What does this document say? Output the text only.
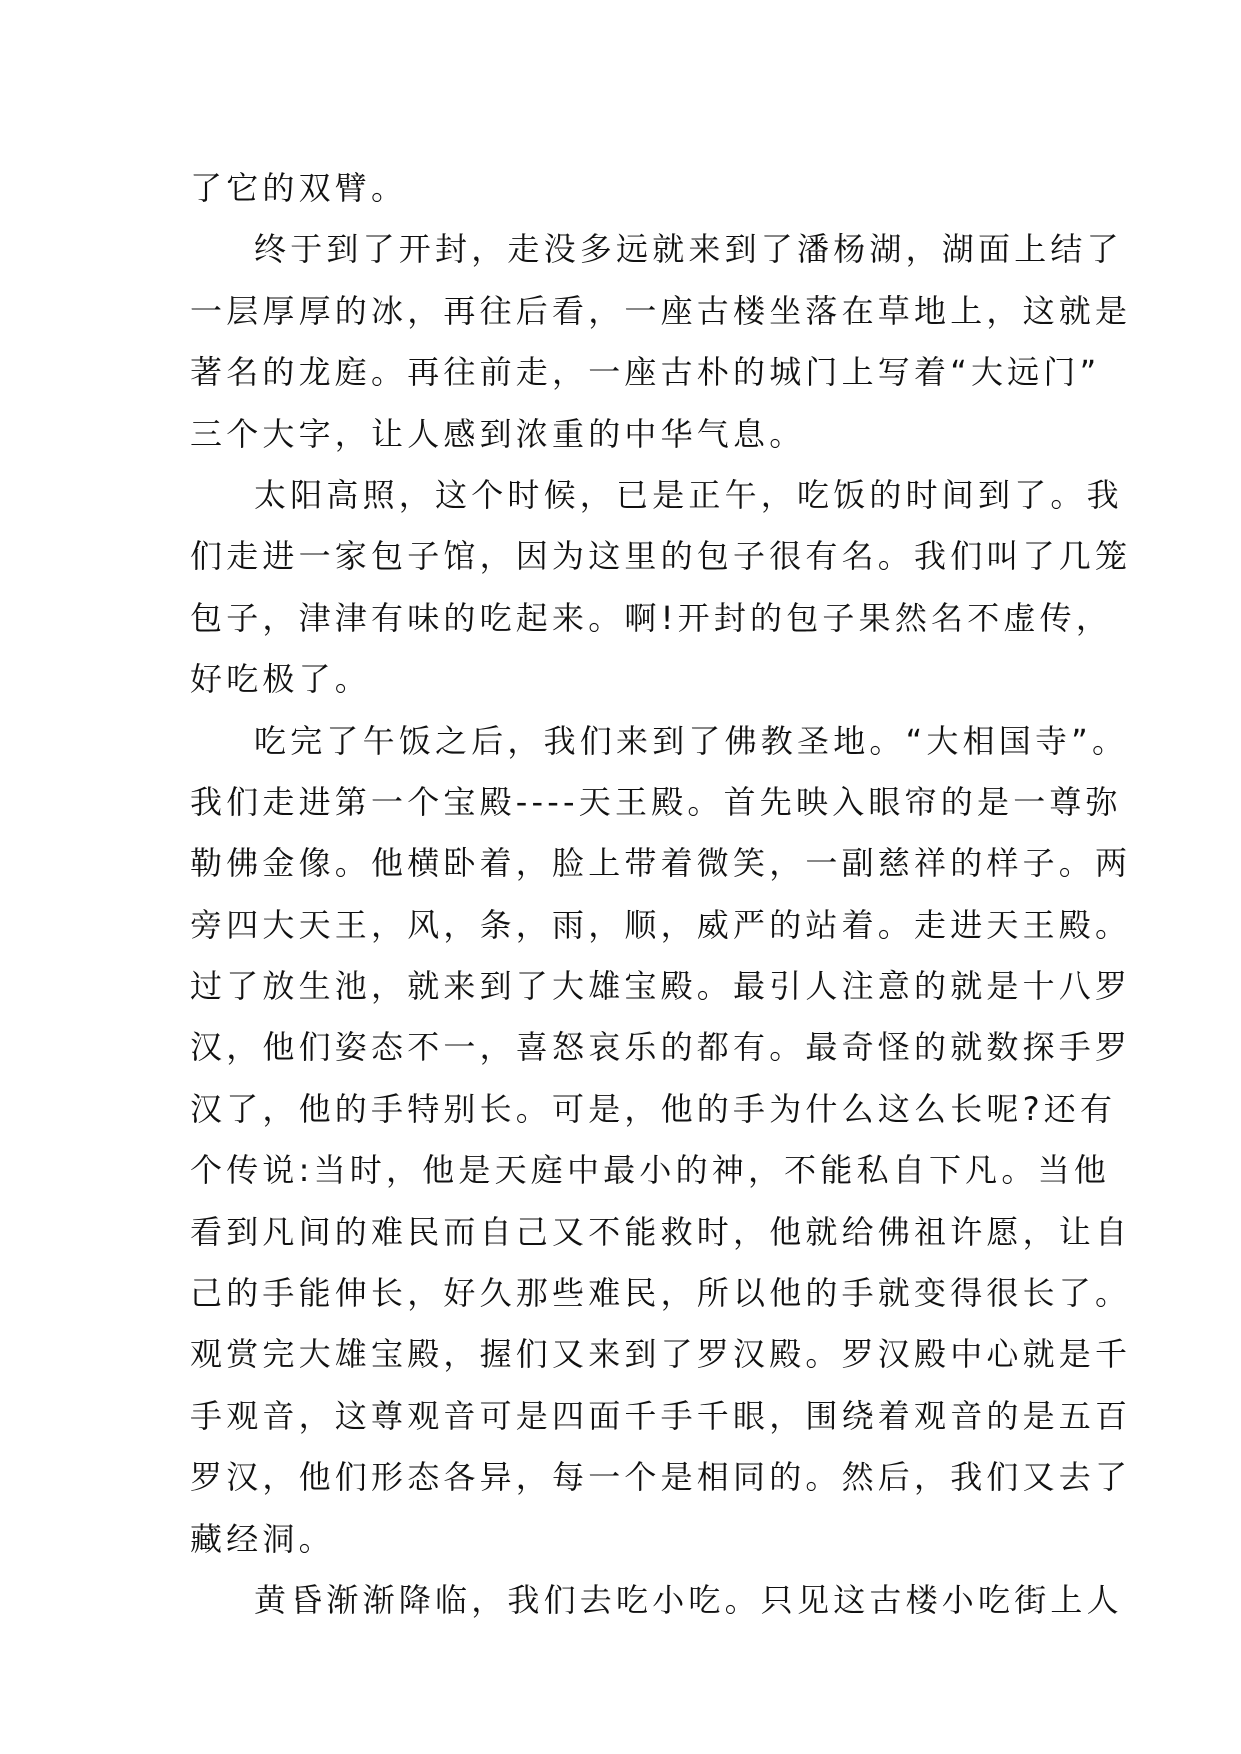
了它的双臂。
终于到了开封，走没多远就来到了潘杨湖，湖面上结了
一层厚厚的冰，再往后看，一座古楼坐落在草地上，这就是
著名的龙庭。再往前走，一座古朴的城门上写着“大远门”
三个大字，让人感到浓重的中华气息。
太阳高照，这个时候，已是正午，吃饭的时间到了。我
们走进一家包子馆，因为这里的包子很有名。我们叫了几笼
包子，津津有味的吃起来。啊!开封的包子果然名不虚传，
好吃极了。
吃完了午饭之后，我们来到了佛教圣地。“大相国寺”。
我们走进第一个宝殿----天王殿。首先映入眼帘的是一尊弥
勒佛金像。他横卧着，脸上带着微笑，一副慈祥的样子。两
旁四大天王，风，条，雨，顺，威严的站着。走进天王殿。
过了放生池，就来到了大雄宝殿。最引人注意的就是十八罗
汉，他们姿态不一，喜怒哀乐的都有。最奇怪的就数探手罗
汉了，他的手特别长。可是，他的手为什么这么长呢?还有
个传说:当时，他是天庭中最小的神，不能私自下凡。当他
看到凡间的难民而自己又不能救时，他就给佛祖许愿，让自
己的手能伸长，好久那些难民，所以他的手就变得很长了。
观赏完大雄宝殿，握们又来到了罗汉殿。罗汉殿中心就是千
手观音，这尊观音可是四面千手千眼，围绕着观音的是五百
罗汉，他们形态各异，每一个是相同的。然后，我们又去了
藏经洞。
黄昏渐渐降临，我们去吃小吃。只见这古楼小吃街上人
